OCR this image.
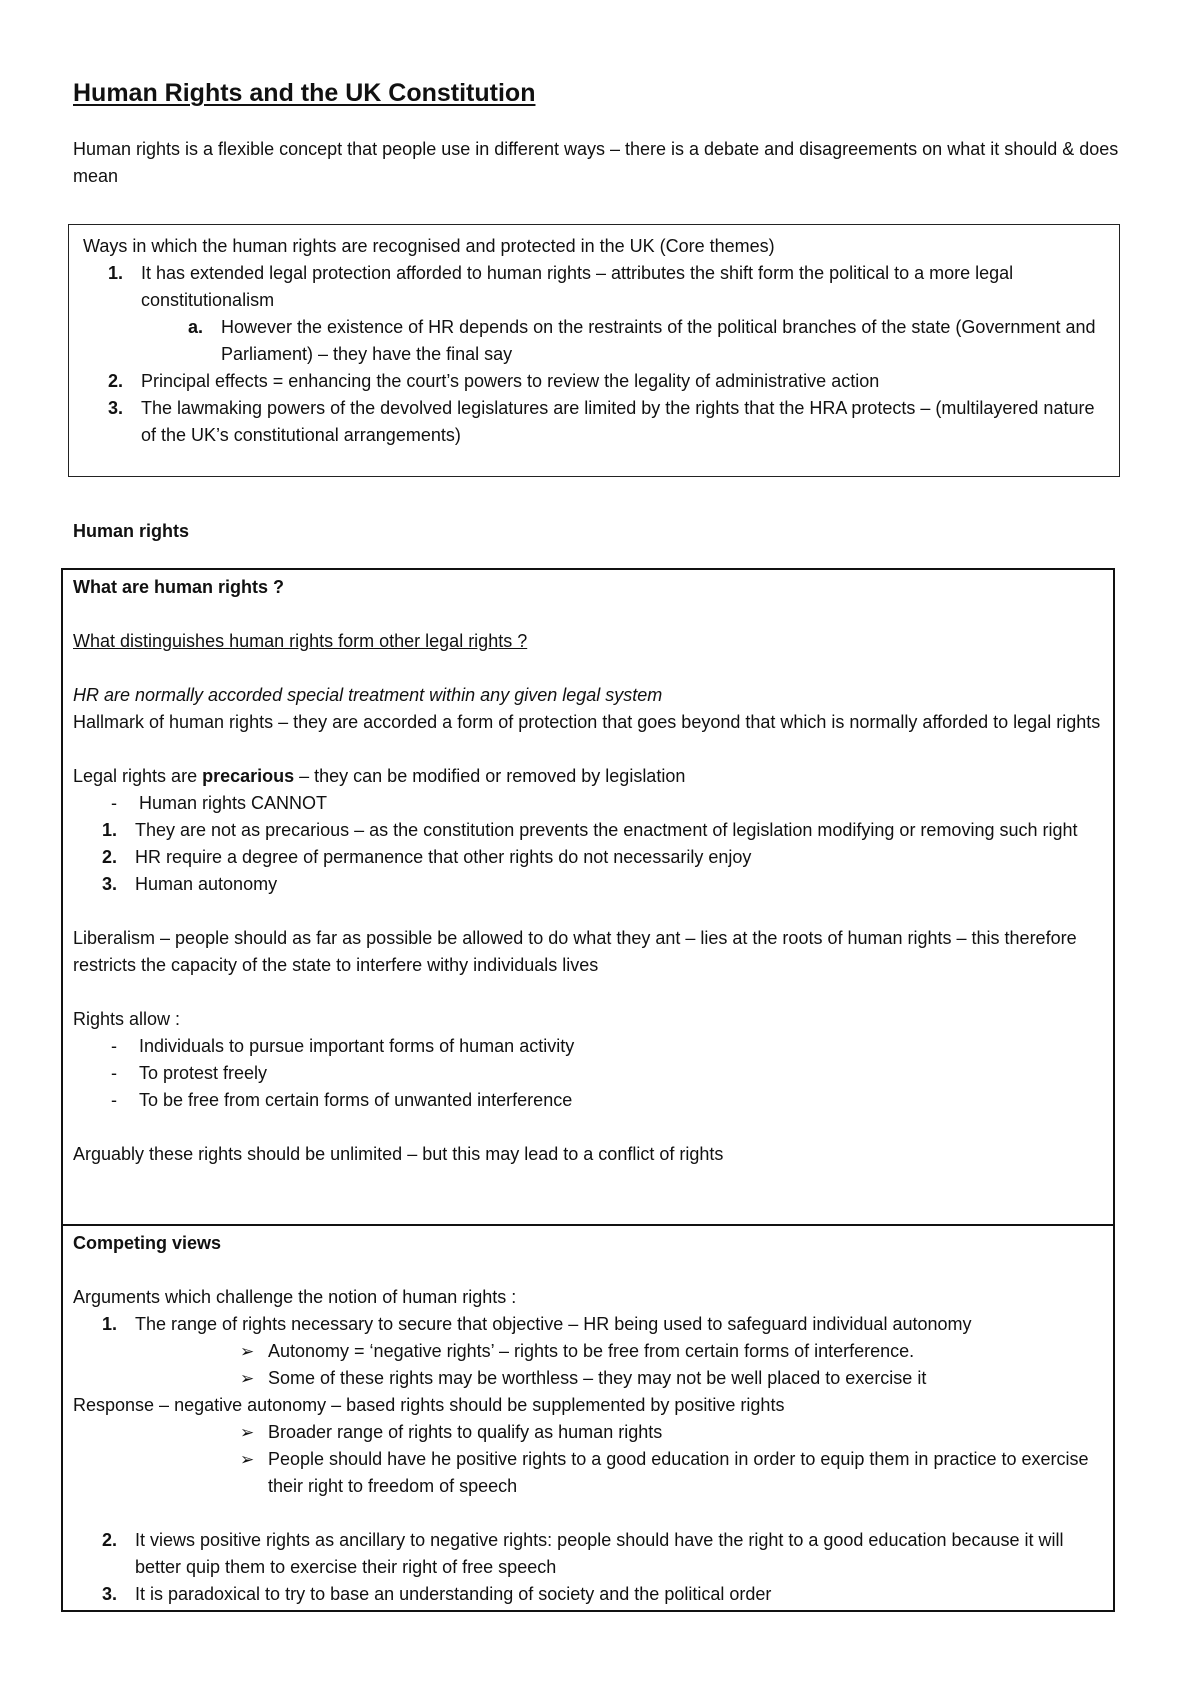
Human Rights and the UK Constitution
Human rights is a flexible concept that people use in different ways – there is a debate and disagreements on what it should & does mean
Ways in which the human rights are recognised and protected in the UK (Core themes)
1.	It has extended legal protection afforded to human rights – attributes the shift form the political to a more legal constitutionalism
a.	However the existence of HR depends on the restraints of the political branches of the state (Government and Parliament) – they have the final say
2.	Principal effects = enhancing the court’s powers to review the legality of administrative action
3.	The lawmaking powers of the devolved legislatures are limited by the rights that the HRA protects – (multilayered nature of the UK’s constitutional arrangements)
Human rights
What are human rights ?
What distinguishes human rights form other legal rights ?
HR are normally accorded special treatment within any given legal system
Hallmark of human rights – they are accorded a form of protection that goes beyond that which is normally afforded to legal rights
Legal rights are precarious – they can be modified or removed by legislation
-	Human rights CANNOT
1.	They are not as precarious – as the constitution prevents the enactment of legislation modifying or removing such right
2.	HR require a degree of permanence that other rights do not necessarily enjoy
3.	Human autonomy
Liberalism – people should as far as possible be allowed to do what they ant – lies at the roots of human rights – this therefore restricts the capacity of the state to interfere withy individuals lives
Rights allow :
-	Individuals to pursue important forms of human activity
-	To protest freely
-	To be free from certain forms of unwanted interference
Arguably these rights should be unlimited – but this may lead to a conflict of rights
Competing views
Arguments which challenge the notion of human rights :
1.	The range of rights necessary to secure that objective – HR being used to safeguard individual autonomy
➢ Autonomy = ‘negative rights’ – rights to be free from certain forms of interference.
➢ Some of these rights may be worthless – they may not be well placed to exercise it
Response – negative autonomy – based rights should be supplemented by positive rights
➢ Broader range of rights to qualify as human rights
➢ People should have he positive rights to a good education in order to equip them in practice to exercise their right to freedom of speech
2.	It views positive rights as ancillary to negative rights: people should have the right to a good education because it will better quip them to exercise their right of free speech
3.	It is paradoxical to try to base an understanding of society and the political order
